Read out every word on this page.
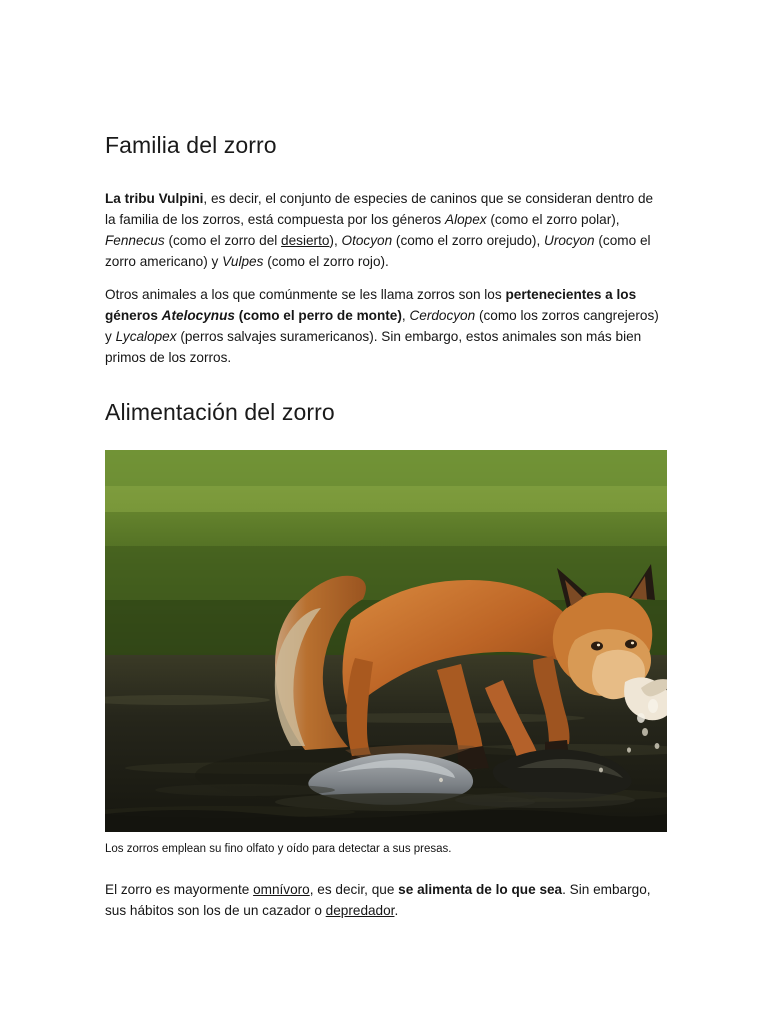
Familia del zorro

La tribu Vulpini, es decir, el conjunto de especies de caninos que se consideran dentro de la familia de los zorros, está compuesta por los géneros Alopex (como el zorro polar), Fennecus (como el zorro del desierto), Otocyon (como el zorro orejudo), Urocyon (como el zorro americano) y Vulpes (como el zorro rojo).

Otros animales a los que comúnmente se les llama zorros son los pertenecientes a los géneros Atelocynus (como el perro de monte), Cerdocyon (como los zorros cangrejeros) y Lycalopex (perros salvajes suramericanos). Sin embargo, estos animales son más bien primos de los zorros.

Alimentación del zorro
Los zorros emplean su fino olfato y oído para detectar a sus presas.

El zorro es mayormente omnívoro, es decir, que se alimenta de lo que sea. Sin embargo, sus hábitos son los de un cazador o depredador.
